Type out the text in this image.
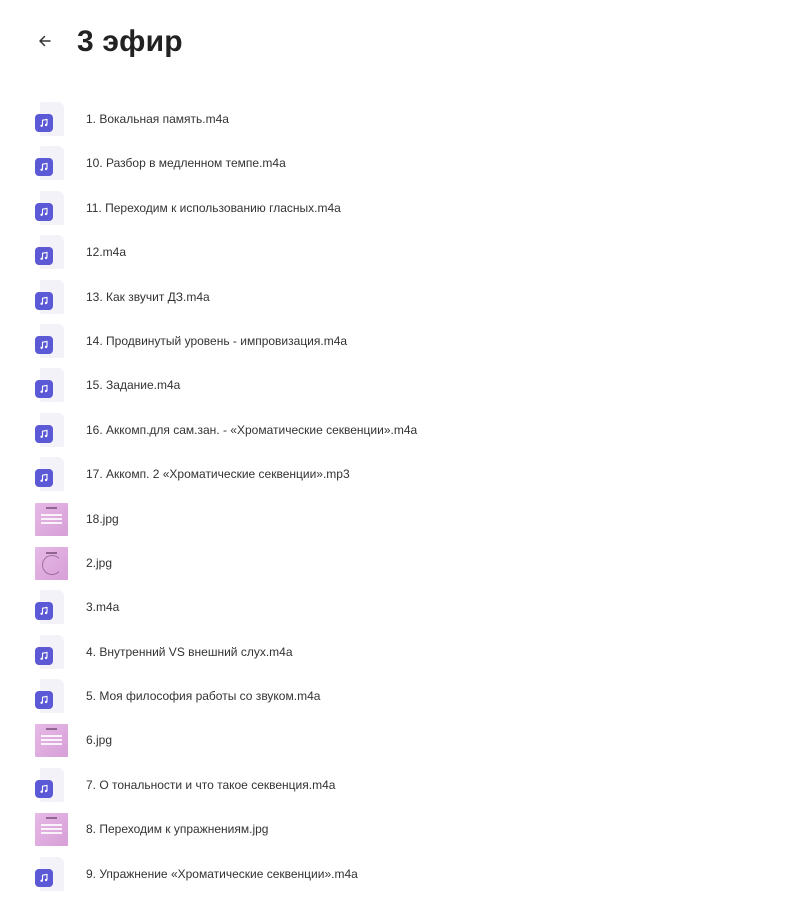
3 эфир
1. Вокальная память.m4a
10. Разбор в медленном темпе.m4a
11. Переходим к использованию гласных.m4a
12.m4a
13. Как звучит ДЗ.m4a
14. Продвинутый уровень - импровизация.m4a
15. Задание.m4a
16. Аккомп.для сам.зан. - «Хроматические секвенции».m4a
17. Аккомп. 2 «Хроматические секвенции».mp3
18.jpg
2.jpg
3.m4a
4. Внутренний VS внешний слух.m4a
5. Моя философия работы со звуком.m4a
6.jpg
7. О тональности и что такое секвенция.m4a
8. Переходим к упражнениям.jpg
9. Упражнение «Хроматические секвенции».m4a
